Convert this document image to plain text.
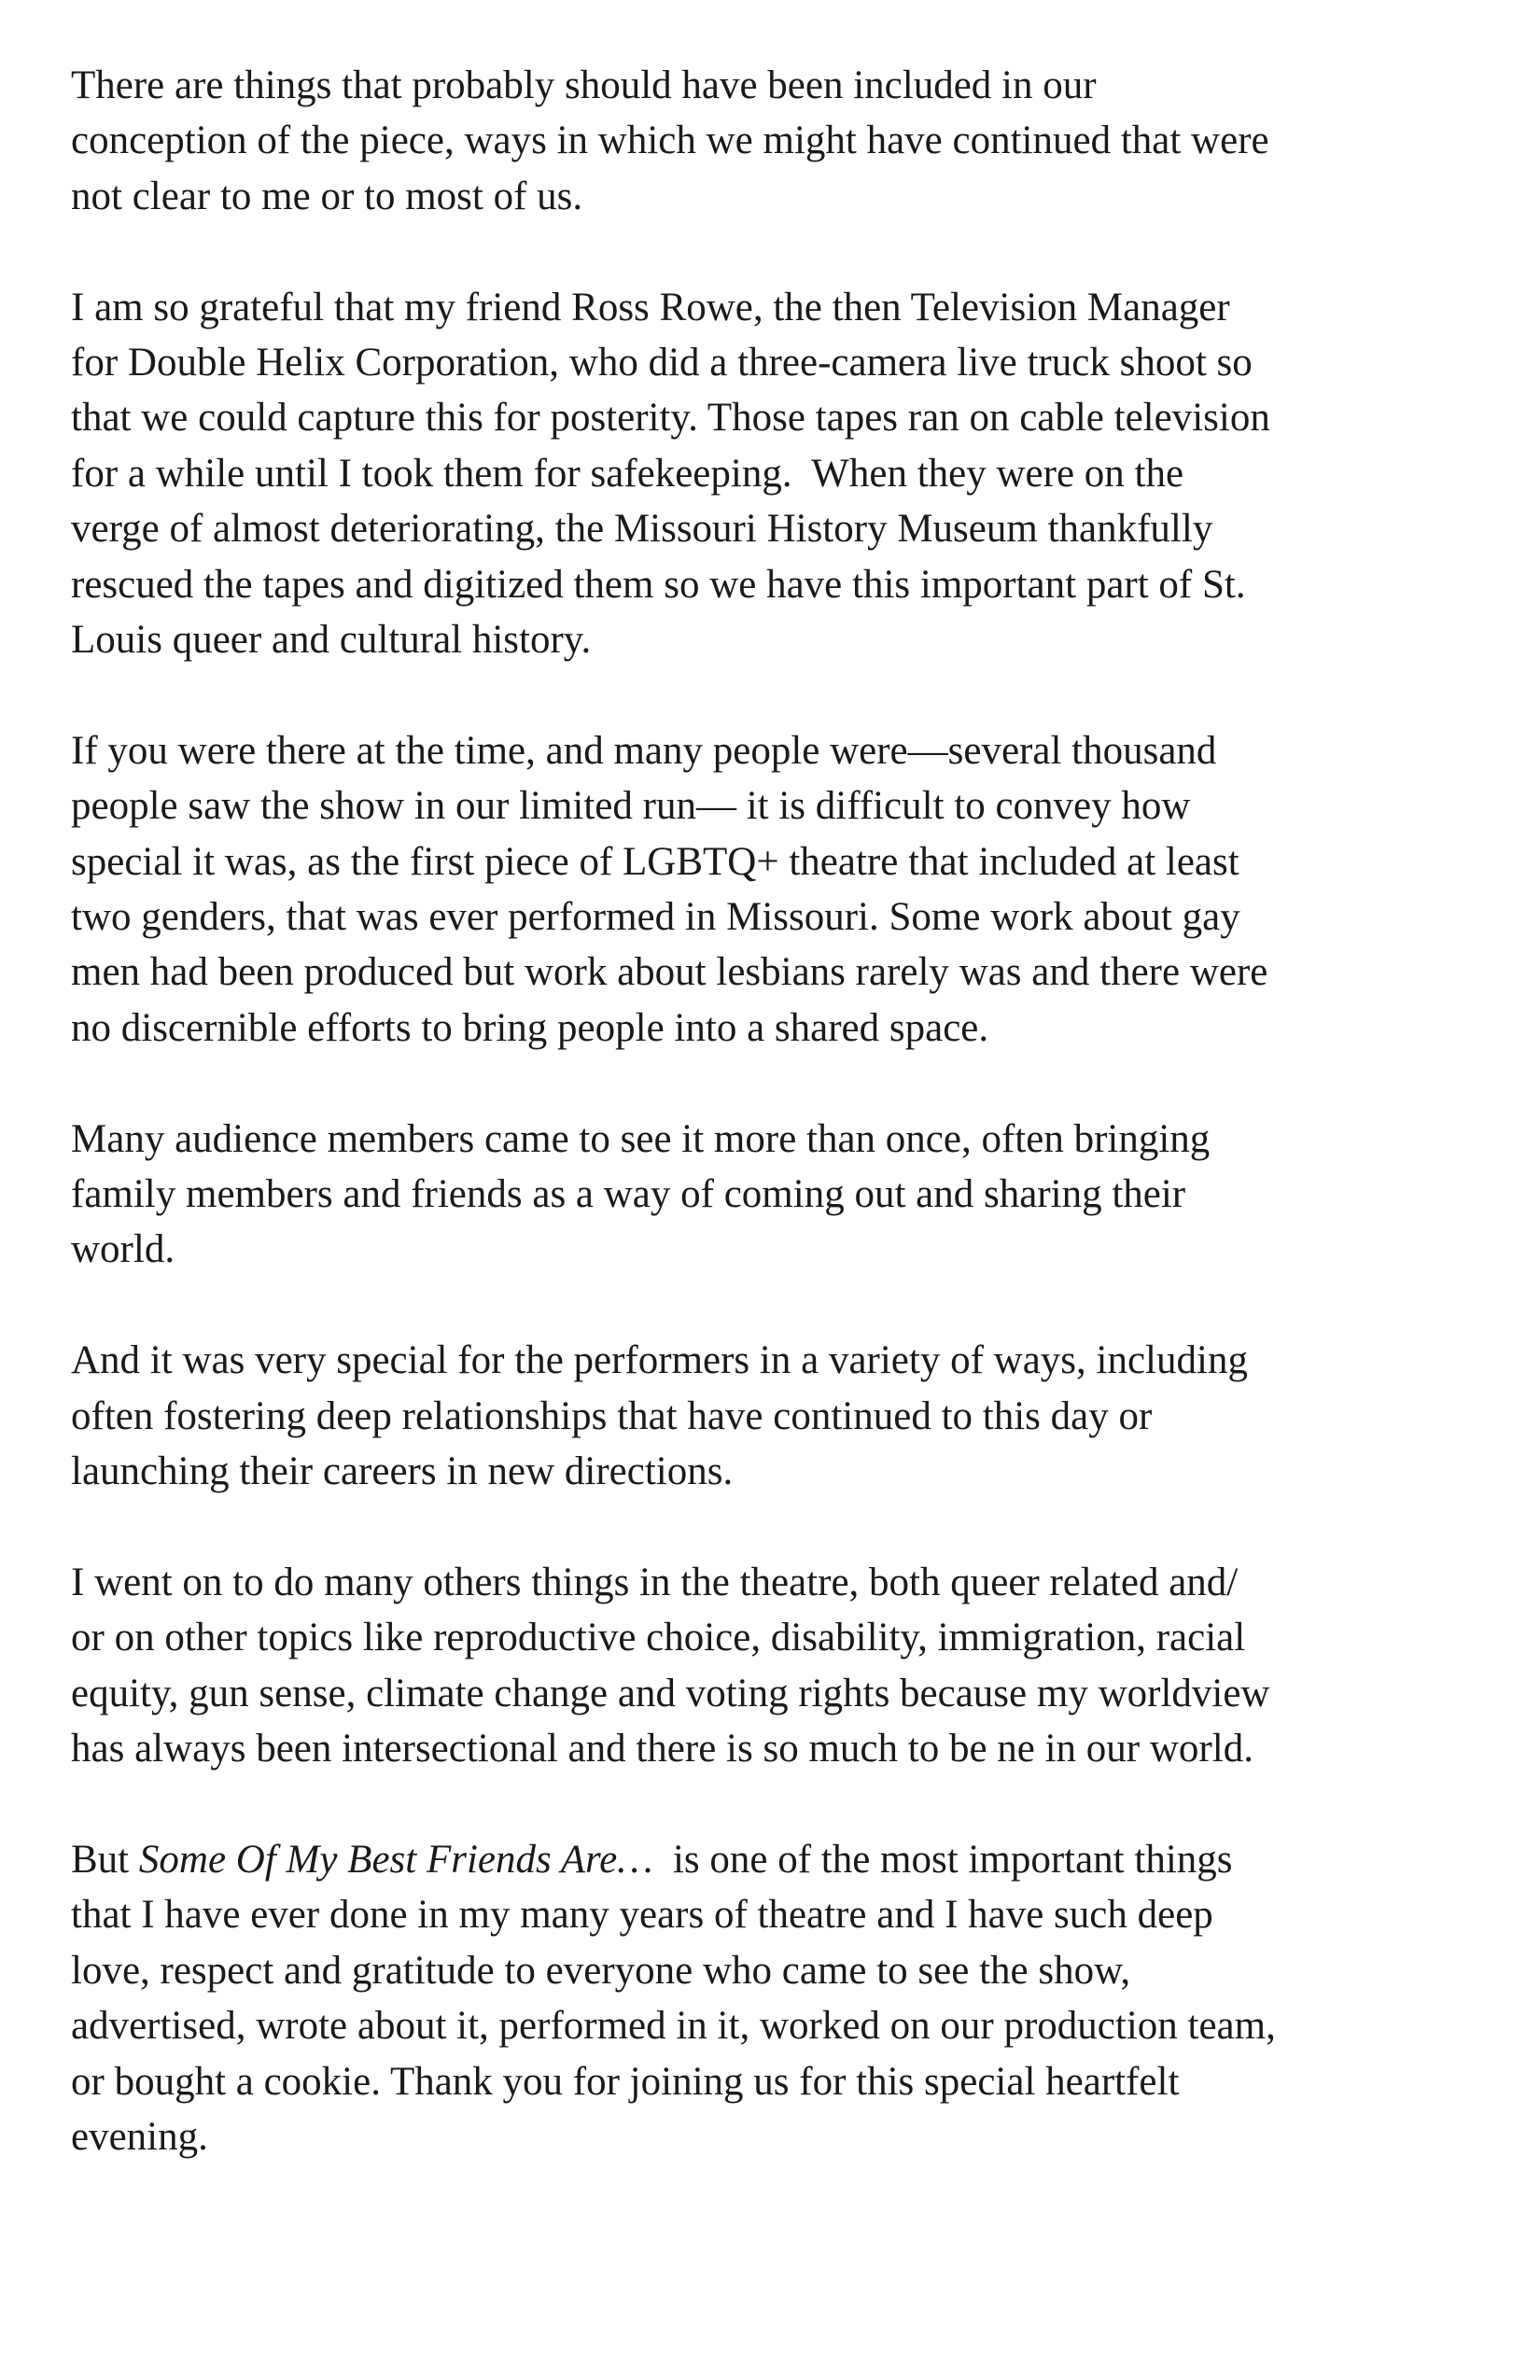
There are things that probably should have been included in our
conception of the piece, ways in which we might have continued that were
not clear to me or to most of us.

I am so grateful that my friend Ross Rowe, the then Television Manager
for Double Helix Corporation, who did a three-camera live truck shoot so
that we could capture this for posterity. Those tapes ran on cable television
for a while until I took them for safekeeping.  When they were on the
verge of almost deteriorating, the Missouri History Museum thankfully
rescued the tapes and digitized them so we have this important part of St.
Louis queer and cultural history.

If you were there at the time, and many people were—several thousand
people saw the show in our limited run— it is difficult to convey how
special it was, as the first piece of LGBTQ+ theatre that included at least
two genders, that was ever performed in Missouri. Some work about gay
men had been produced but work about lesbians rarely was and there were
no discernible efforts to bring people into a shared space.

Many audience members came to see it more than once, often bringing
family members and friends as a way of coming out and sharing their
world.

And it was very special for the performers in a variety of ways, including
often fostering deep relationships that have continued to this day or
launching their careers in new directions.

I went on to do many others things in the theatre, both queer related and/
or on other topics like reproductive choice, disability, immigration, racial
equity, gun sense, climate change and voting rights because my worldview
has always been intersectional and there is so much to be ne in our world.

But Some Of My Best Friends Are…  is one of the most important things
that I have ever done in my many years of theatre and I have such deep
love, respect and gratitude to everyone who came to see the show,
advertised, wrote about it, performed in it, worked on our production team,
or bought a cookie. Thank you for joining us for this special heartfelt
evening.
